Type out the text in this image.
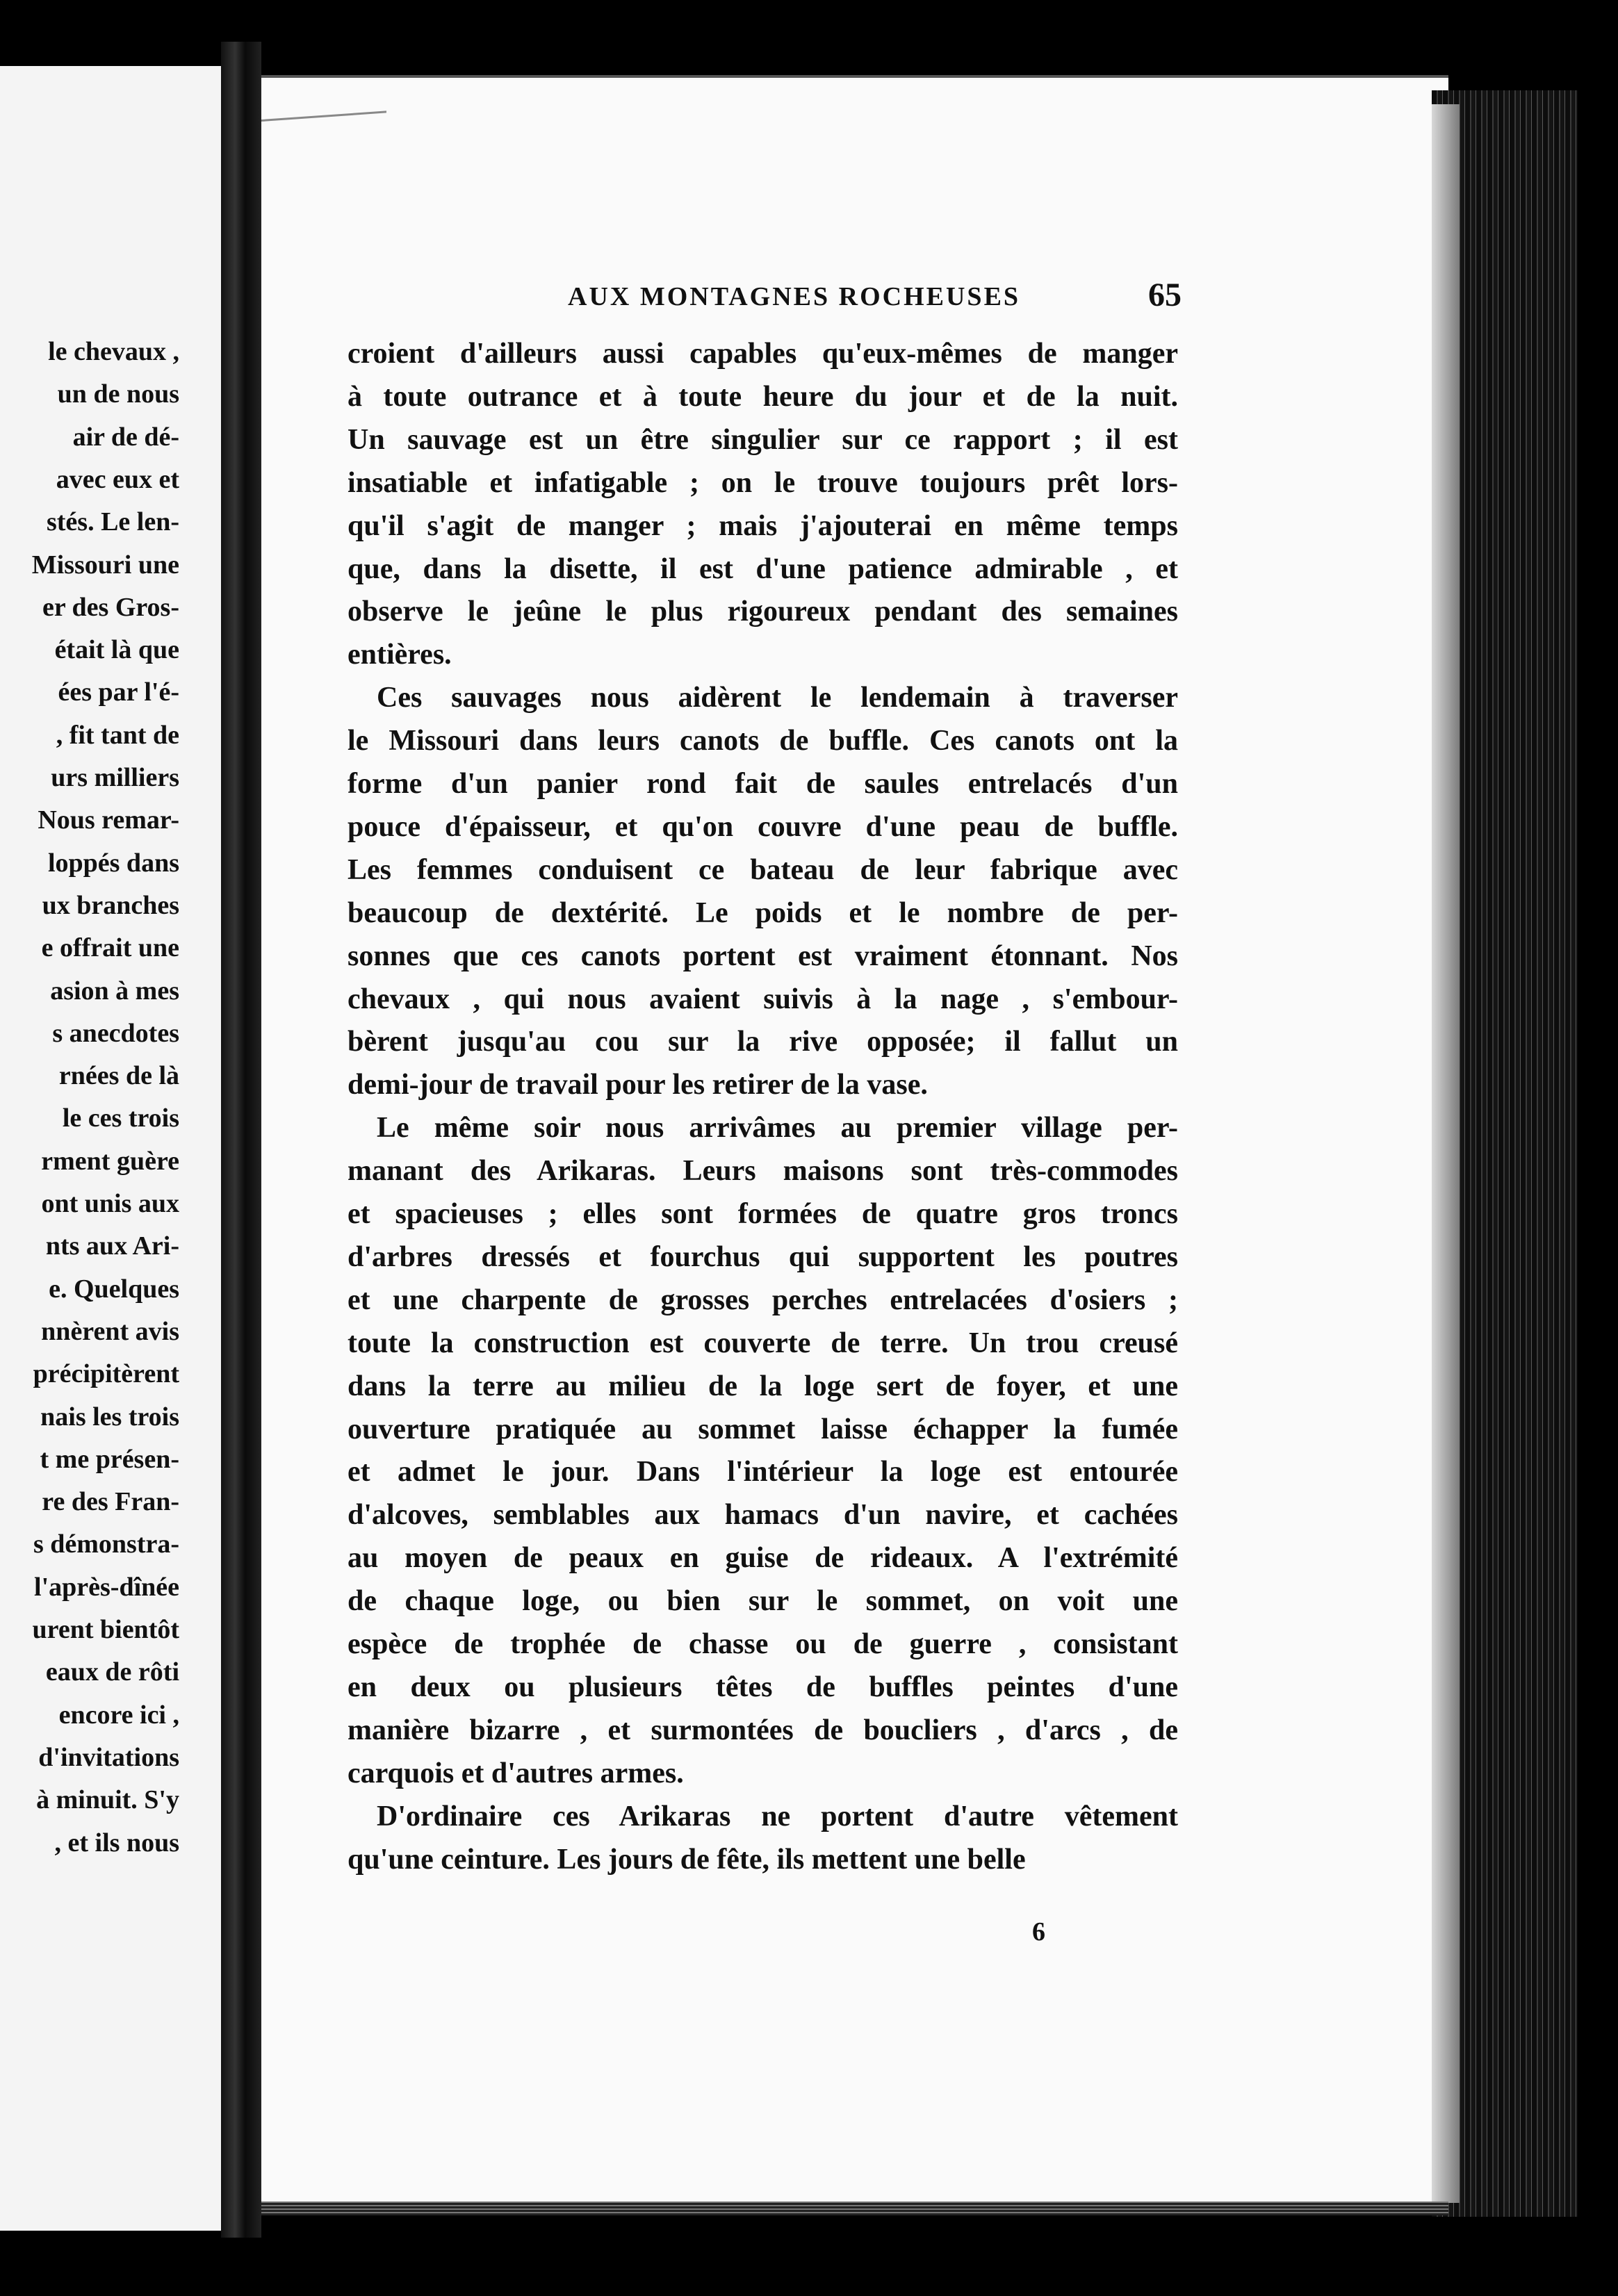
le chevaux ,
un de nous
air de dé-
avec eux et
stés. Le len-
Missouri une
er des Gros-
était là que
ées par l'é-
, fit tant de
urs milliers
Nous remar-
loppés dans
ux branches
e offrait une
asion à mes
s anecdotes
rnées de là
le ces trois
rment guère
ont unis aux
nts aux Ari-
e. Quelques
nnèrent avis
précipitèrent
nais les trois
t me présen-
re des Fran-
s démonstra-
l'après-dînée
urent bientôt
eaux de rôti
encore ici ,
d'invitations
à minuit. S'y
, et ils nous
AUX MONTAGNES ROCHEUSES	65
croient d'ailleurs aussi capables qu'eux-mêmes de manger
à toute outrance et à toute heure du jour et de la nuit.
Un sauvage est un être singulier sur ce rapport ; il est
insatiable et infatigable ; on le trouve toujours prêt lors-
qu'il s'agit de manger ; mais j'ajouterai en même temps
que, dans la disette, il est d'une patience admirable , et
observe le jeûne le plus rigoureux pendant des semaines
entières.
Ces sauvages nous aidèrent le lendemain à traverser
le Missouri dans leurs canots de buffle. Ces canots ont la
forme d'un panier rond fait de saules entrelacés d'un
pouce d'épaisseur, et qu'on couvre d'une peau de buffle.
Les femmes conduisent ce bateau de leur fabrique avec
beaucoup de dextérité. Le poids et le nombre de per-
sonnes que ces canots portent est vraiment étonnant. Nos
chevaux , qui nous avaient suivis à la nage , s'embour-
bèrent jusqu'au cou sur la rive opposée; il fallut un
demi-jour de travail pour les retirer de la vase.
Le même soir nous arrivâmes au premier village per-
manant des Arikaras. Leurs maisons sont très-commodes
et spacieuses ; elles sont formées de quatre gros troncs
d'arbres dressés et fourchus qui supportent les poutres
et une charpente de grosses perches entrelacées d'osiers ;
toute la construction est couverte de terre. Un trou creusé
dans la terre au milieu de la loge sert de foyer, et une
ouverture pratiquée au sommet laisse échapper la fumée
et admet le jour. Dans l'intérieur la loge est entourée
d'alcoves, semblables aux hamacs d'un navire, et cachées
au moyen de peaux en guise de rideaux. A l'extrémité
de chaque loge, ou bien sur le sommet, on voit une
espèce de trophée de chasse ou de guerre , consistant
en deux ou plusieurs têtes de buffles peintes d'une
manière bizarre , et surmontées de boucliers , d'arcs , de
carquois et d'autres armes.
D'ordinaire ces Arikaras ne portent d'autre vêtement
qu'une ceinture. Les jours de fête, ils mettent une belle
6
